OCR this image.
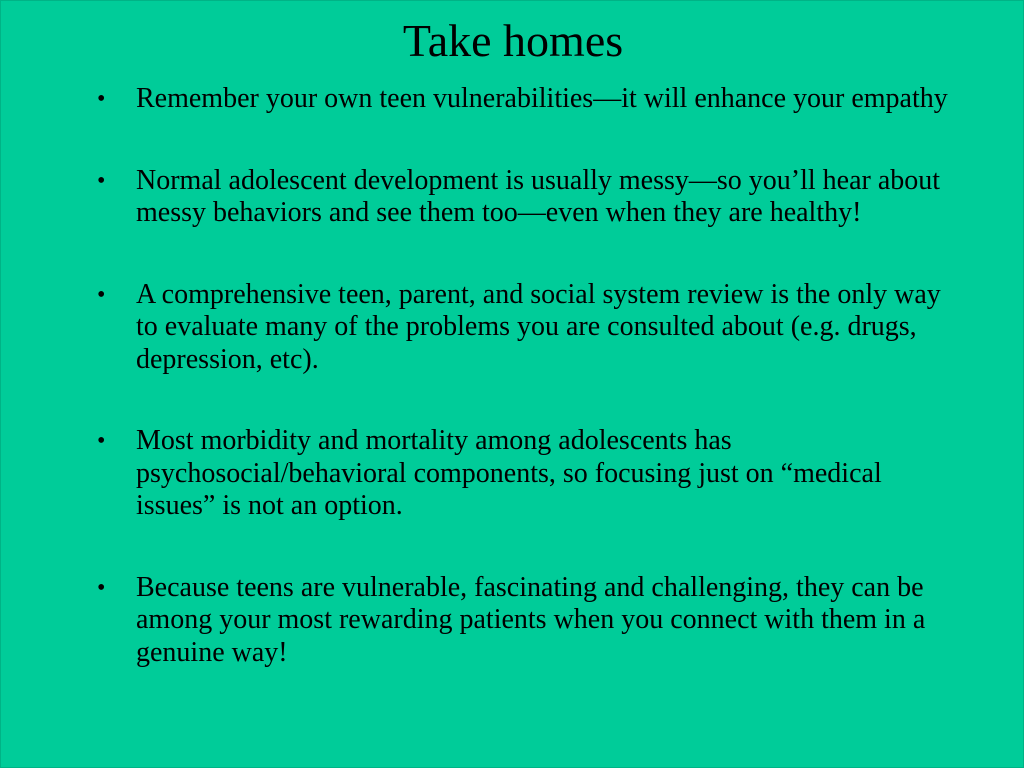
Take homes
•	Remember your own teen vulnerabilities—it will enhance your empathy
•	Normal adolescent development is usually messy—so you’ll hear about messy behaviors and see them too—even when they are healthy!
•	A comprehensive teen, parent, and social system review is the only way to evaluate many of the problems you are consulted about (e.g. drugs, depression, etc).
•	Most morbidity and mortality among adolescents has psychosocial/behavioral components, so focusing just on “medical issues” is not an option.
•	Because teens are vulnerable, fascinating and challenging, they can be among your most rewarding patients when you connect with them in a genuine way!
